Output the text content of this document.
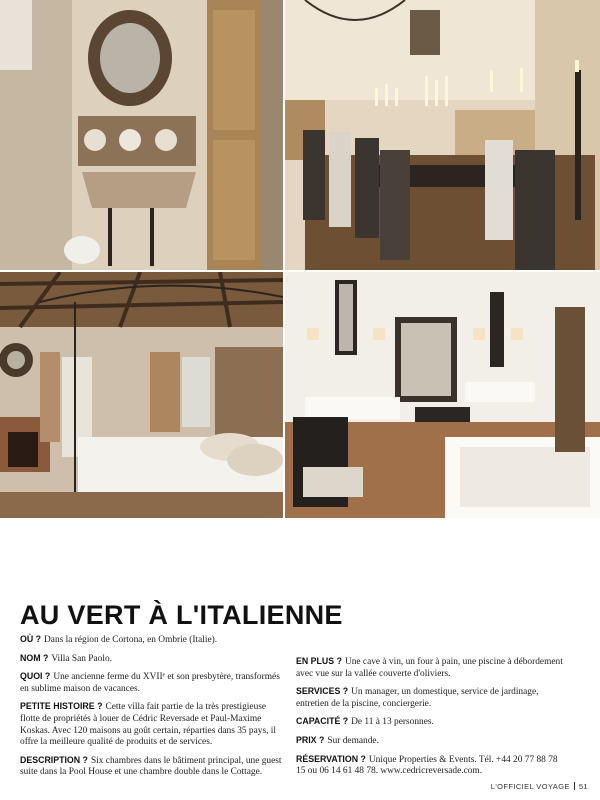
AU VERT À L'ITALIENNE

OÙ ? Dans la région de Cortona, en Ombrie (Italie).

NOM ? Villa San Paolo.

QUOI ? Une ancienne ferme du XVIIᵉ et son presbytère, transformés en sublime maison de vacances.

PETITE HISTOIRE ? Cette villa fait partie de la très prestigieuse flotte de propriétés à louer de Cédric Reversade et Paul-Maxime Koskas. Avec 120 maisons au goût certain, réparties dans 35 pays, il offre la meilleure qualité de produits et de services.

DESCRIPTION ? Six chambres dans le bâtiment principal, une guest suite dans la Pool House et une chambre double dans le Cottage.

EN PLUS ? Une cave à vin, un four à pain, une piscine à débordement avec vue sur la vallée couverte d'oliviers.

SERVICES ? Un manager, un domestique, service de jardinage, entretien de la piscine, conciergerie.

CAPACITÉ ? De 11 à 13 personnes.

PRIX ? Sur demande.

RÉSERVATION ? Unique Properties & Events. Tél. +44 20 77 88 78 15 ou 06 14 61 48 78. www.cedricreversade.com.

L'OFFICIEL VOYAGE 51
